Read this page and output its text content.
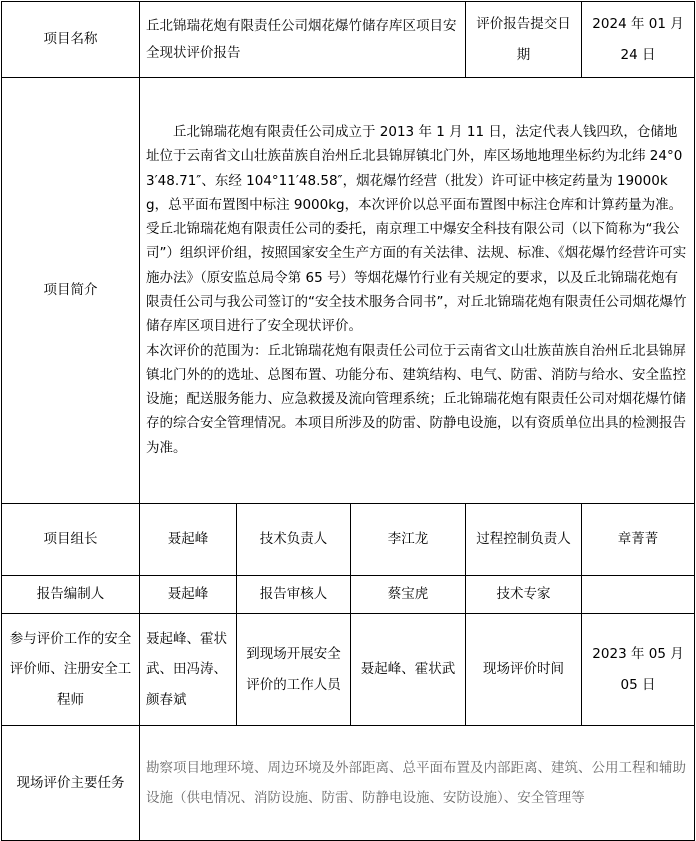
项目名称	丘北锦瑞花炮有限责任公司烟花爆竹储存库区项目安全现状评价报告			评价报告提交日期	2024 年 01 月 24 日
项目简介	丘北锦瑞花炮有限责任公司成立于 2013 年 1 月 11 日，法定代表人钱四玖，仓储地址位于云南省文山壮族苗族自治州丘北县锦屏镇北门外，库区场地地理坐标约为北纬 24°03′48.71″、东经 104°11′48.58″，烟花爆竹经营（批发）许可证中核定药量为 19000kg，总平面布置图中标注 9000kg，本次评价以总平面布置图中标注仓库和计算药量为准。受丘北锦瑞花炮有限责任公司的委托，南京理工中爆安全科技有限公司（以下简称为“我公司”）组织评价组，按照国家安全生产方面的有关法律、法规、标准、《烟花爆竹经营许可实施办法》（原安监总局令第 65 号）等烟花爆竹行业有关规定的要求，以及丘北锦瑞花炮有限责任公司与我公司签订的“安全技术服务合同书”，对丘北锦瑞花炮有限责任公司烟花爆竹储存库区项目进行了安全现状评价。

本次评价的范围为：丘北锦瑞花炮有限责任公司位于云南省文山壮族苗族自治州丘北县锦屏镇北门外的的选址、总图布置、功能分布、建筑结构、电气、防雷、消防与给水、安全监控设施；配送服务能力、应急救援及流向管理系统；丘北锦瑞花炮有限责任公司对烟花爆竹储存的综合安全管理情况。本项目所涉及的防雷、防静电设施，以有资质单位出具的检测报告为准。				

项目组长	聂起峰	技术负责人	李江龙	过程控制负责人	章菁菁
报告编制人	聂起峰	报告审核人	蔡宝虎	技术专家	
参与评价工作的安全评价师、注册安全工程师	聂起峰、霍状武、田冯涛、颜春斌	到现场开展安全评价的工作人员	聂起峰、霍状武	现场评价时间	2023 年 05 月 05 日
现场评价主要任务	勘察项目地理环境、周边环境及外部距离、总平面布置及内部距离、建筑、公用工程和辅助设施（供电情况、消防设施、防雷、防静电设施、安防设施）、安全管理等				
